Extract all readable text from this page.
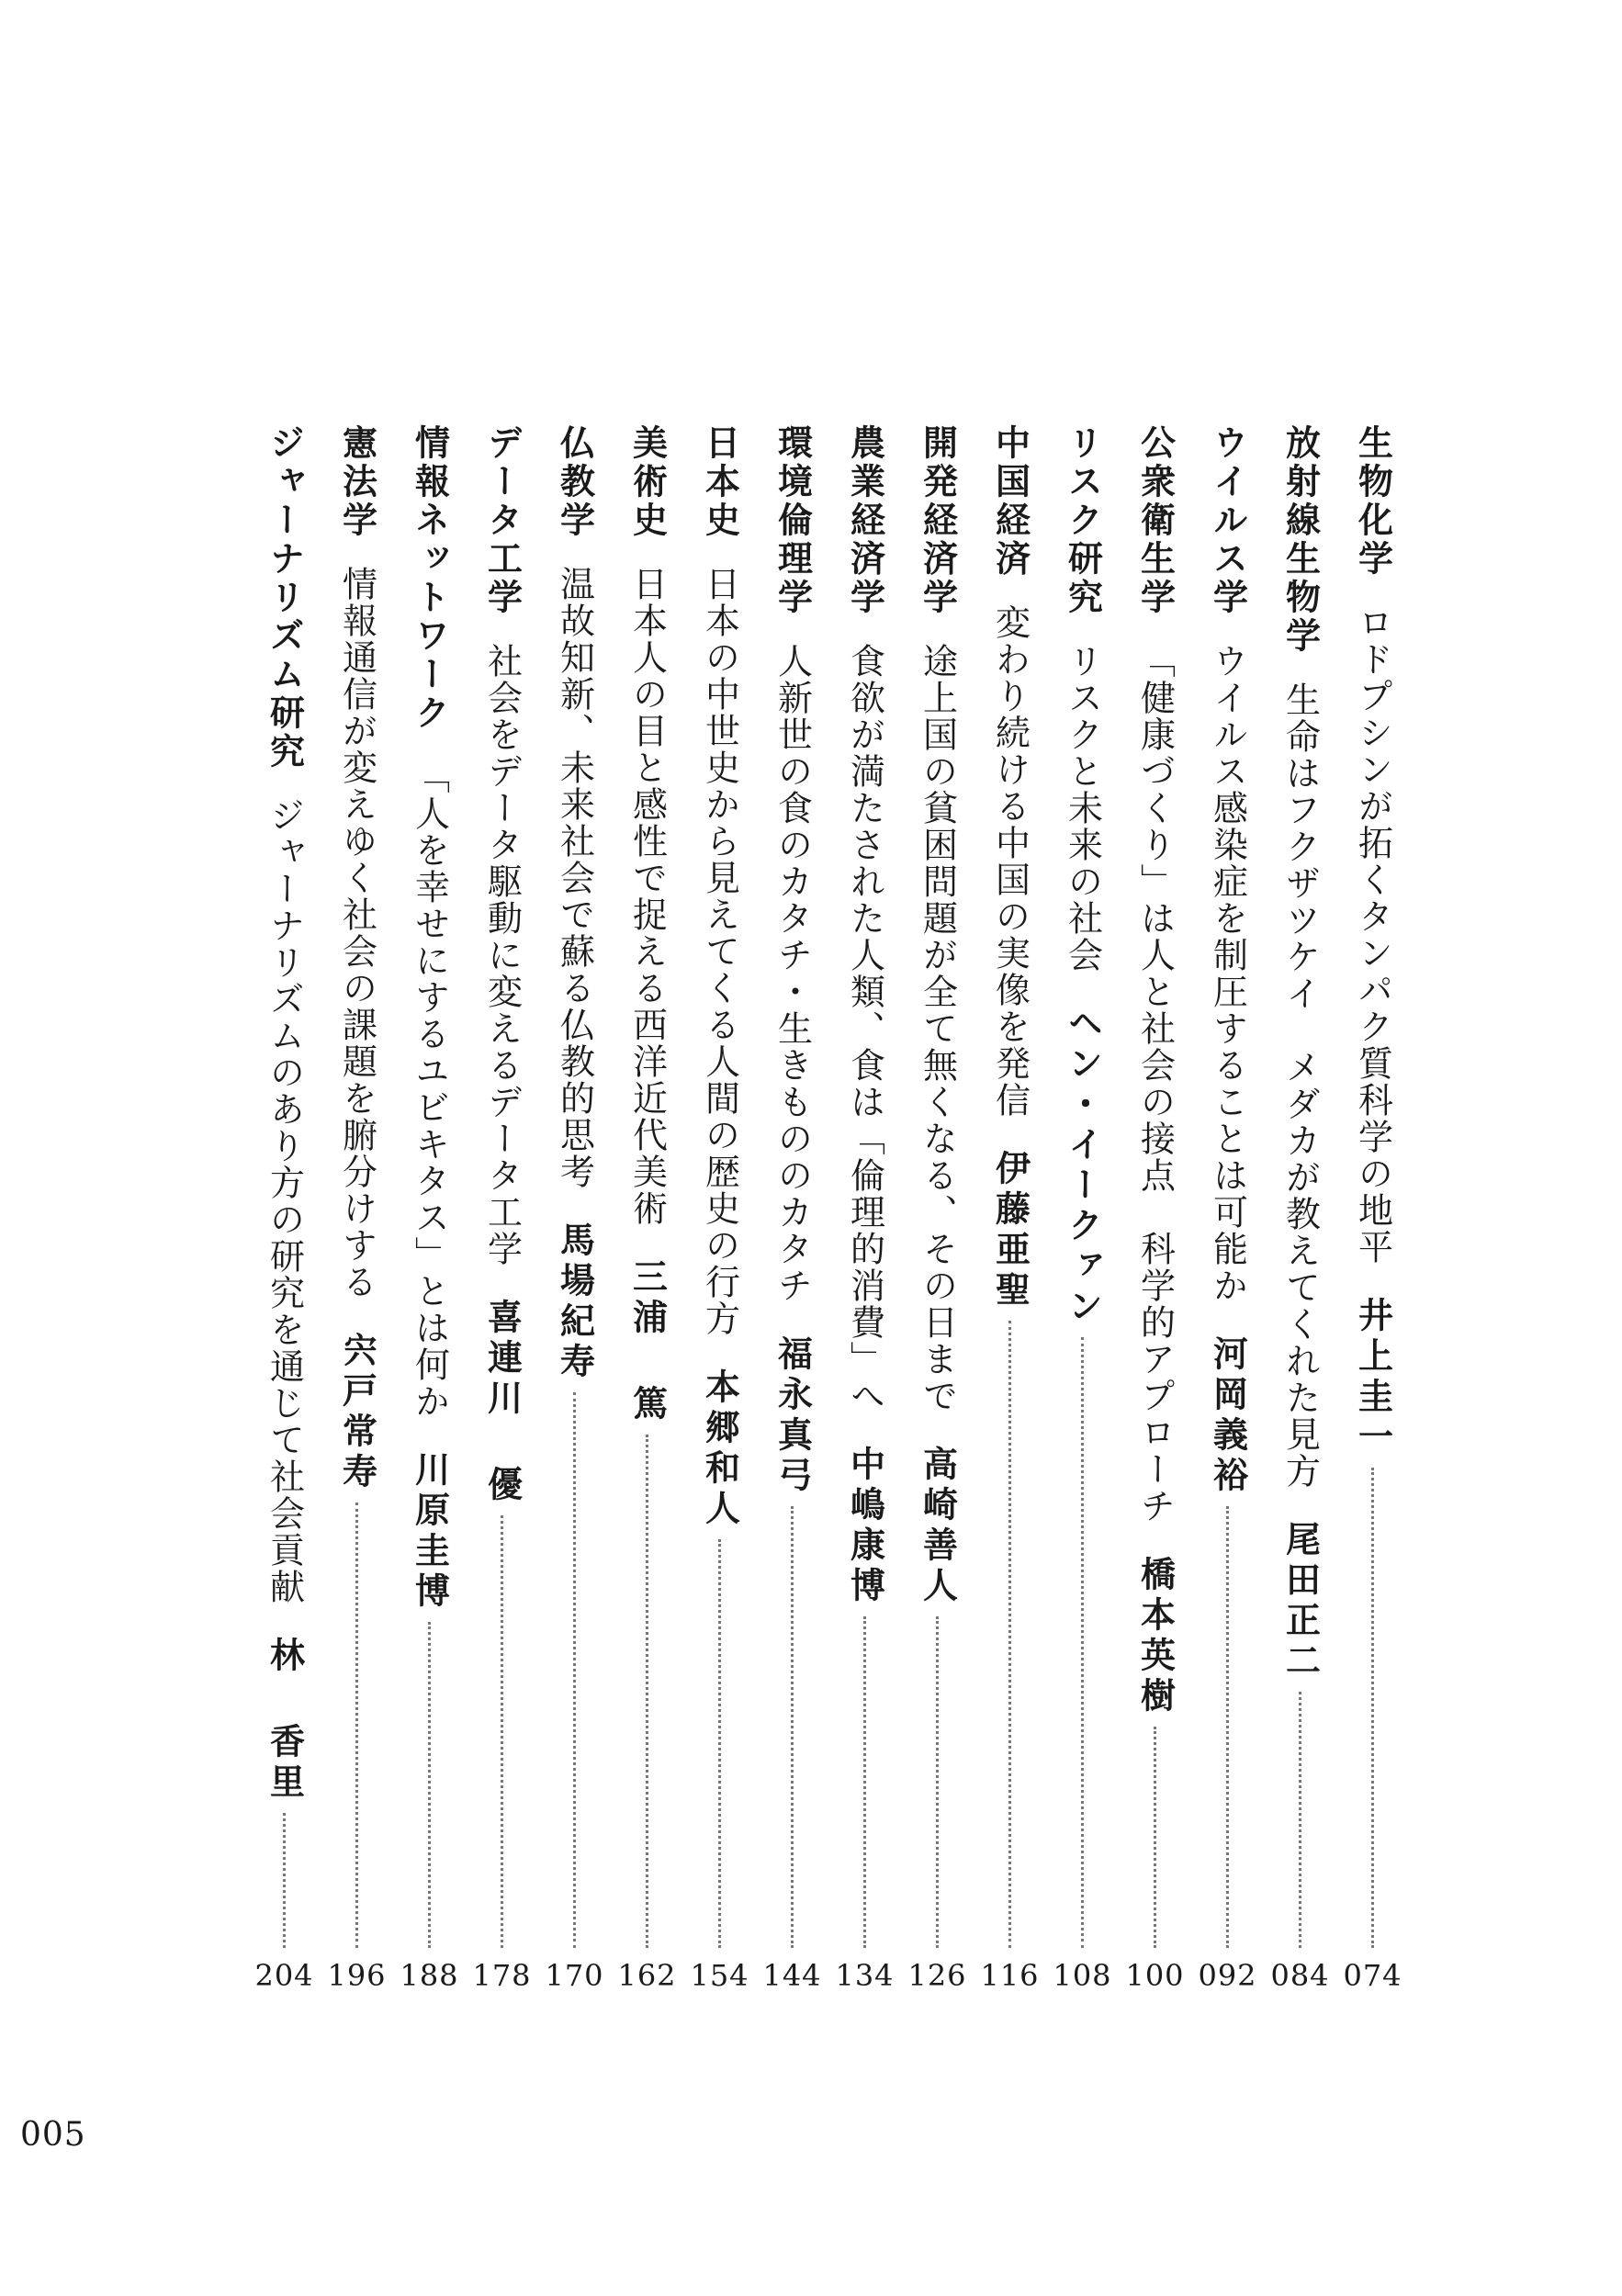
生物化学
ロドプシンが拓くタンパク質科学の地平
井上圭一
074
放射線生物学
生命はフクザツケイ　メダカが教えてくれた見方
尾田正二
084
ウイルス学
ウイルス感染症を制圧することは可能か
河岡義裕
092
公衆衛生学
「健康づくり」は人と社会の接点　科学的アプローチ
橋本英樹
100
リスク研究
リスクと未来の社会
ヘン・イークァン
108
中国経済
変わり続ける中国の実像を発信
伊藤亜聖
116
開発経済学
途上国の貧困問題が全て無くなる、その日まで
高崎善人
126
農業経済学
食欲が満たされた人類、食は「倫理的消費」へ
中嶋康博
134
環境倫理学
人新世の食のカタチ・生きもののカタチ
福永真弓
144
日本史
日本の中世史から見えてくる人間の歴史の行方
本郷和人
154
美術史
日本人の目と感性で捉える西洋近代美術
三浦 篤
162
仏教学
温故知新、未来社会で蘇る仏教的思考
馬場紀寿
170
データ工学
社会をデータ駆動に変えるデータ工学
喜連川 優
178
情報ネットワーク
「人を幸せにするユビキタス」とは何か
川原圭博
188
憲法学
情報通信が変えゆく社会の課題を腑分けする
宍戸常寿
196
ジャーナリズム研究
ジャーナリズムのあり方の研究を通じて社会貢献
林 香里
204
005
